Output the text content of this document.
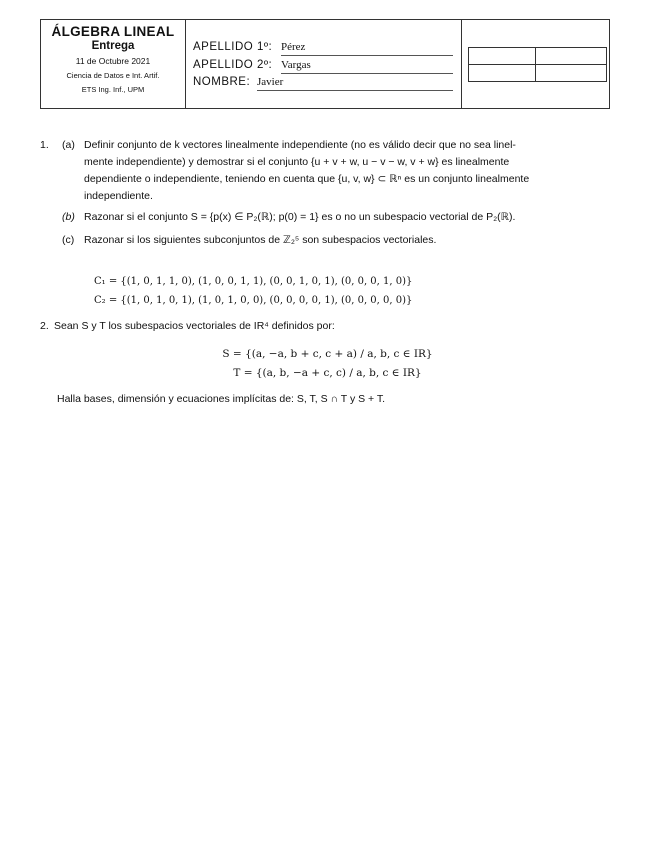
ÁLGEBRA LINEAL
Entrega
11 de Octubre 2021
Ciencia de Datos e Int. Artif.
ETS Ing. Inf., UPM
APELLIDO 1º: Pérez
APELLIDO 2º: Vargas
NOMBRE: Javier

1. (a) Definir conjunto de k vectores linealmente independiente (no es válido decir que no sea linel-
mente independiente) y demostrar si el conjunto {u + v + w, u − v − w, v + w} es linealmente
dependiente o independiente, teniendo en cuenta que {u, v, w} ⊂ ℝⁿ es un conjunto linealmente
independiente.
(b) Razonar si el conjunto S = {p(x) ∈ P₂(ℝ); p(0) = 1} es o no un subespacio vectorial de P₂(ℝ).
(c) Razonar si los siguientes subconjuntos de ℤ₂⁵ son subespacios vectoriales.
C₁ = {(1, 0, 1, 1, 0), (1, 0, 0, 1, 1), (0, 0, 1, 0, 1), (0, 0, 0, 1, 0)}
C₂ = {(1, 0, 1, 0, 1), (1, 0, 1, 0, 0), (0, 0, 0, 0, 1), (0, 0, 0, 0, 0)}
2. Sean S y T los subespacios vectoriales de IR⁴ definidos por:
S = {(a, −a, b + c, c + a) / a, b, c ∈ IR}
T = {(a, b, −a + c, c) / a, b, c ∈ IR}
Halla bases, dimensión y ecuaciones implícitas de: S, T, S ∩ T y S + T.
